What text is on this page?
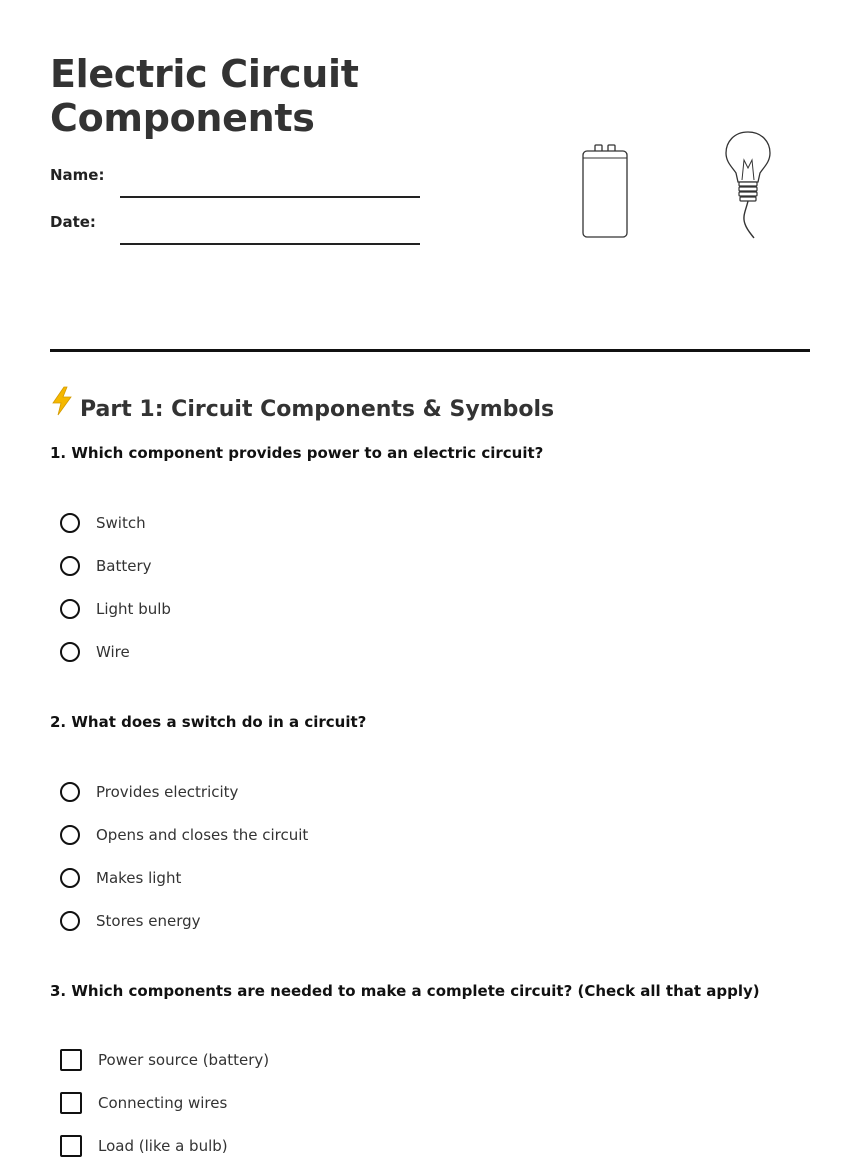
Electric Circuit
Components
Name:
Date:
Part 1: Circuit Components & Symbols

1. Which component provides power to an electric circuit?

Switch
Battery
Light bulb
Wire

2. What does a switch do in a circuit?

Provides electricity
Opens and closes the circuit
Makes light
Stores energy

3. Which components are needed to make a complete circuit? (Check all that apply)

Power source (battery)
Connecting wires
Load (like a bulb)
